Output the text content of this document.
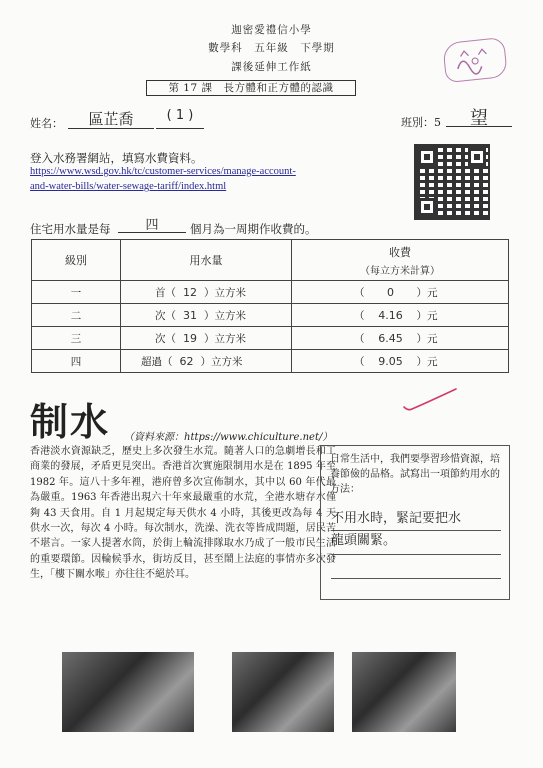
迦密愛禮信小學
數學科　五年級　下學期
課後延伸工作紙
第 17 課　長方體和正方體的認識
姓名：	區芷喬	( 1 )	班別：5	望
登入水務署網站，填寫水費資料。
https://www.wsd.gov.hk/tc/customer-services/manage-account-
and-water-bills/water-sewage-tariff/index.html
住宅用水量是每	四	個月為一周期作收費的。
級別	用水量	收費
（每立方米計算）

一	首（ 12 ）立方米	（ 0 ）元
二	次（ 31 ）立方米	（ 4.16 ）元
三	次（ 19 ）立方米	（ 6.45 ）元
四	超過（ 62 ）立方米	（ 9.05 ）元
制水 （資料來源：https://www.chiculture.net/）
香港淡水資源缺乏，歷史上多次發生水荒。隨著人口的急劇增長和工商業的發展，矛盾更見突出。香港首次實施限制用水是在 1895 年至 1982 年。這八十多年裡，港府曾多次宣佈制水，其中以 60 年代最為嚴重。1963 年香港出現六十年來最嚴重的水荒，全港水塘存水僅夠 43 天食用。自 1 月起規定每天供水 4 小時，其後更改為每 4 天供水一次，每次 4 小時。每次制水，洗澡、洗衣等皆成問題，居民苦不堪言。一家人提著水筒，於街上輪流排隊取水乃成了一般市民生活的重要環節。因輪候爭水，街坊反目，甚至鬧上法庭的事情亦多次發生，「樓下關水喉」亦往往不絕於耳。
日常生活中，我們要學習珍惜資源，培養節儉的品格。試寫出一項節約用水的方法：
不用水時，緊記要把水
龍頭關緊。
